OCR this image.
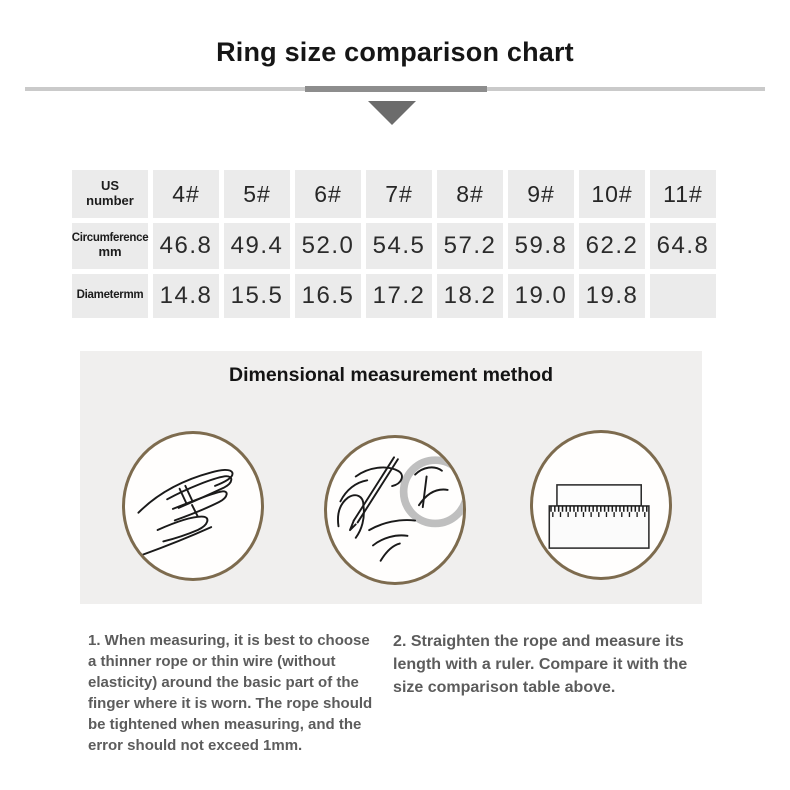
Ring size comparison chart
US
number	4#	5#	6#	7#	8#	9#	10#	11#
Circumference
mm 46.8 49.4 52.0 54.5 57.2 59.8 62.2 64.8
Diametermm 14.8 15.5 16.5 17.2 18.2 19.0 19.8
Dimensional measurement method
1. When measuring, it is best to choose a thinner rope or thin wire (without elasticity) around the basic part of the finger where it is worn. The rope should be tightened when measuring, and the error should not exceed 1mm.
2. Straighten the rope and measure its length with a ruler. Compare it with the size comparison table above.
